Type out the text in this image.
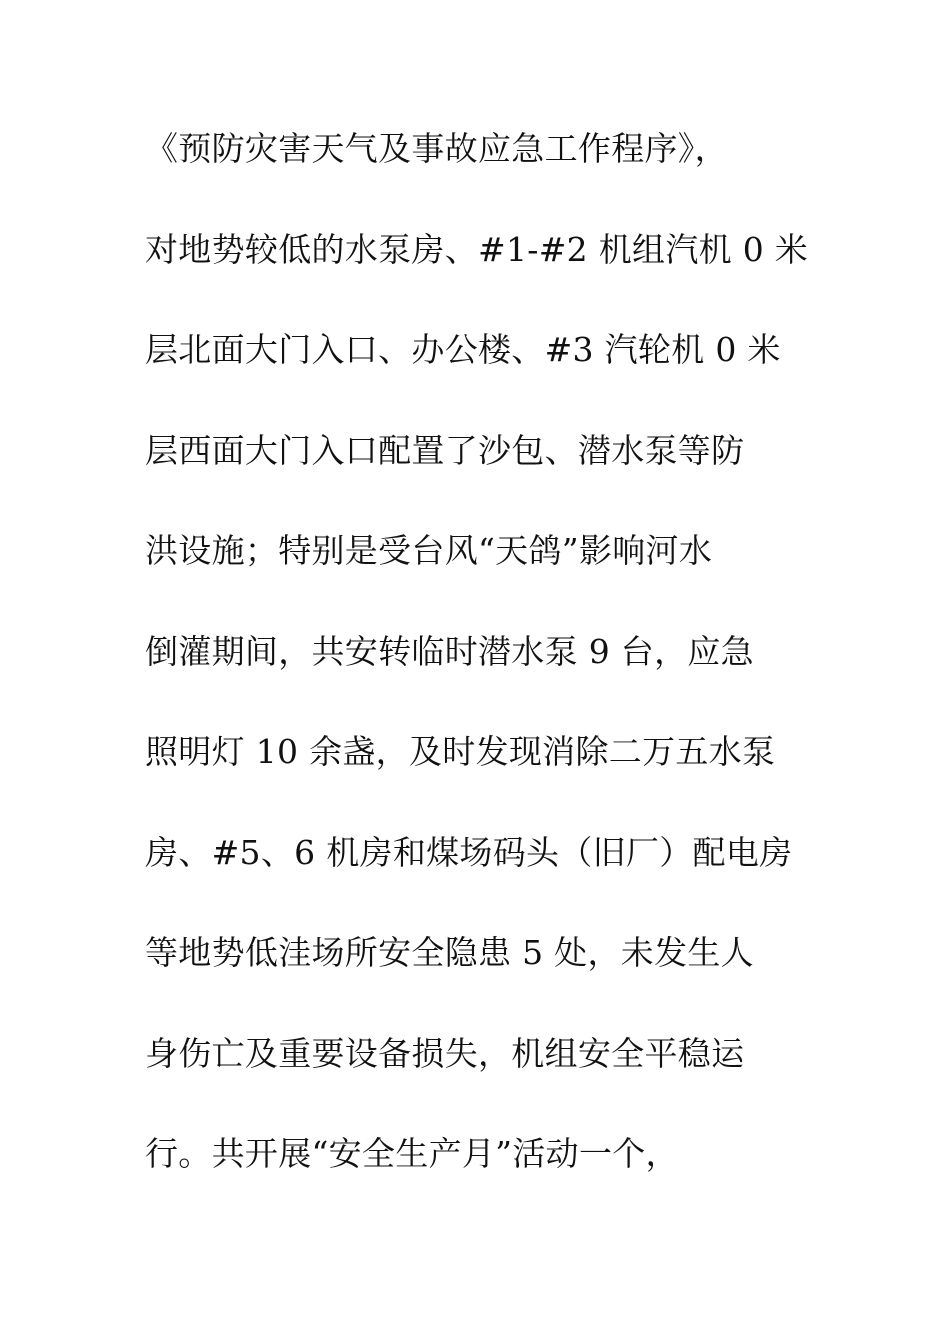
《预防灾害天气及事故应急工作程序》，
对地势较低的水泵房、#1-#2 机组汽机 0 米
层北面大门入口、办公楼、#3 汽轮机 0 米
层西面大门入口配置了沙包、潜水泵等防
洪设施；特别是受台风“天鸽”影响河水
倒灌期间，共安转临时潜水泵 9 台，应急
照明灯 10 余盏，及时发现消除二万五水泵
房、#5、6 机房和煤场码头（旧厂）配电房
等地势低洼场所安全隐患 5 处，未发生人
身伤亡及重要设备损失，机组安全平稳运
行。共开展“安全生产月”活动一个，
